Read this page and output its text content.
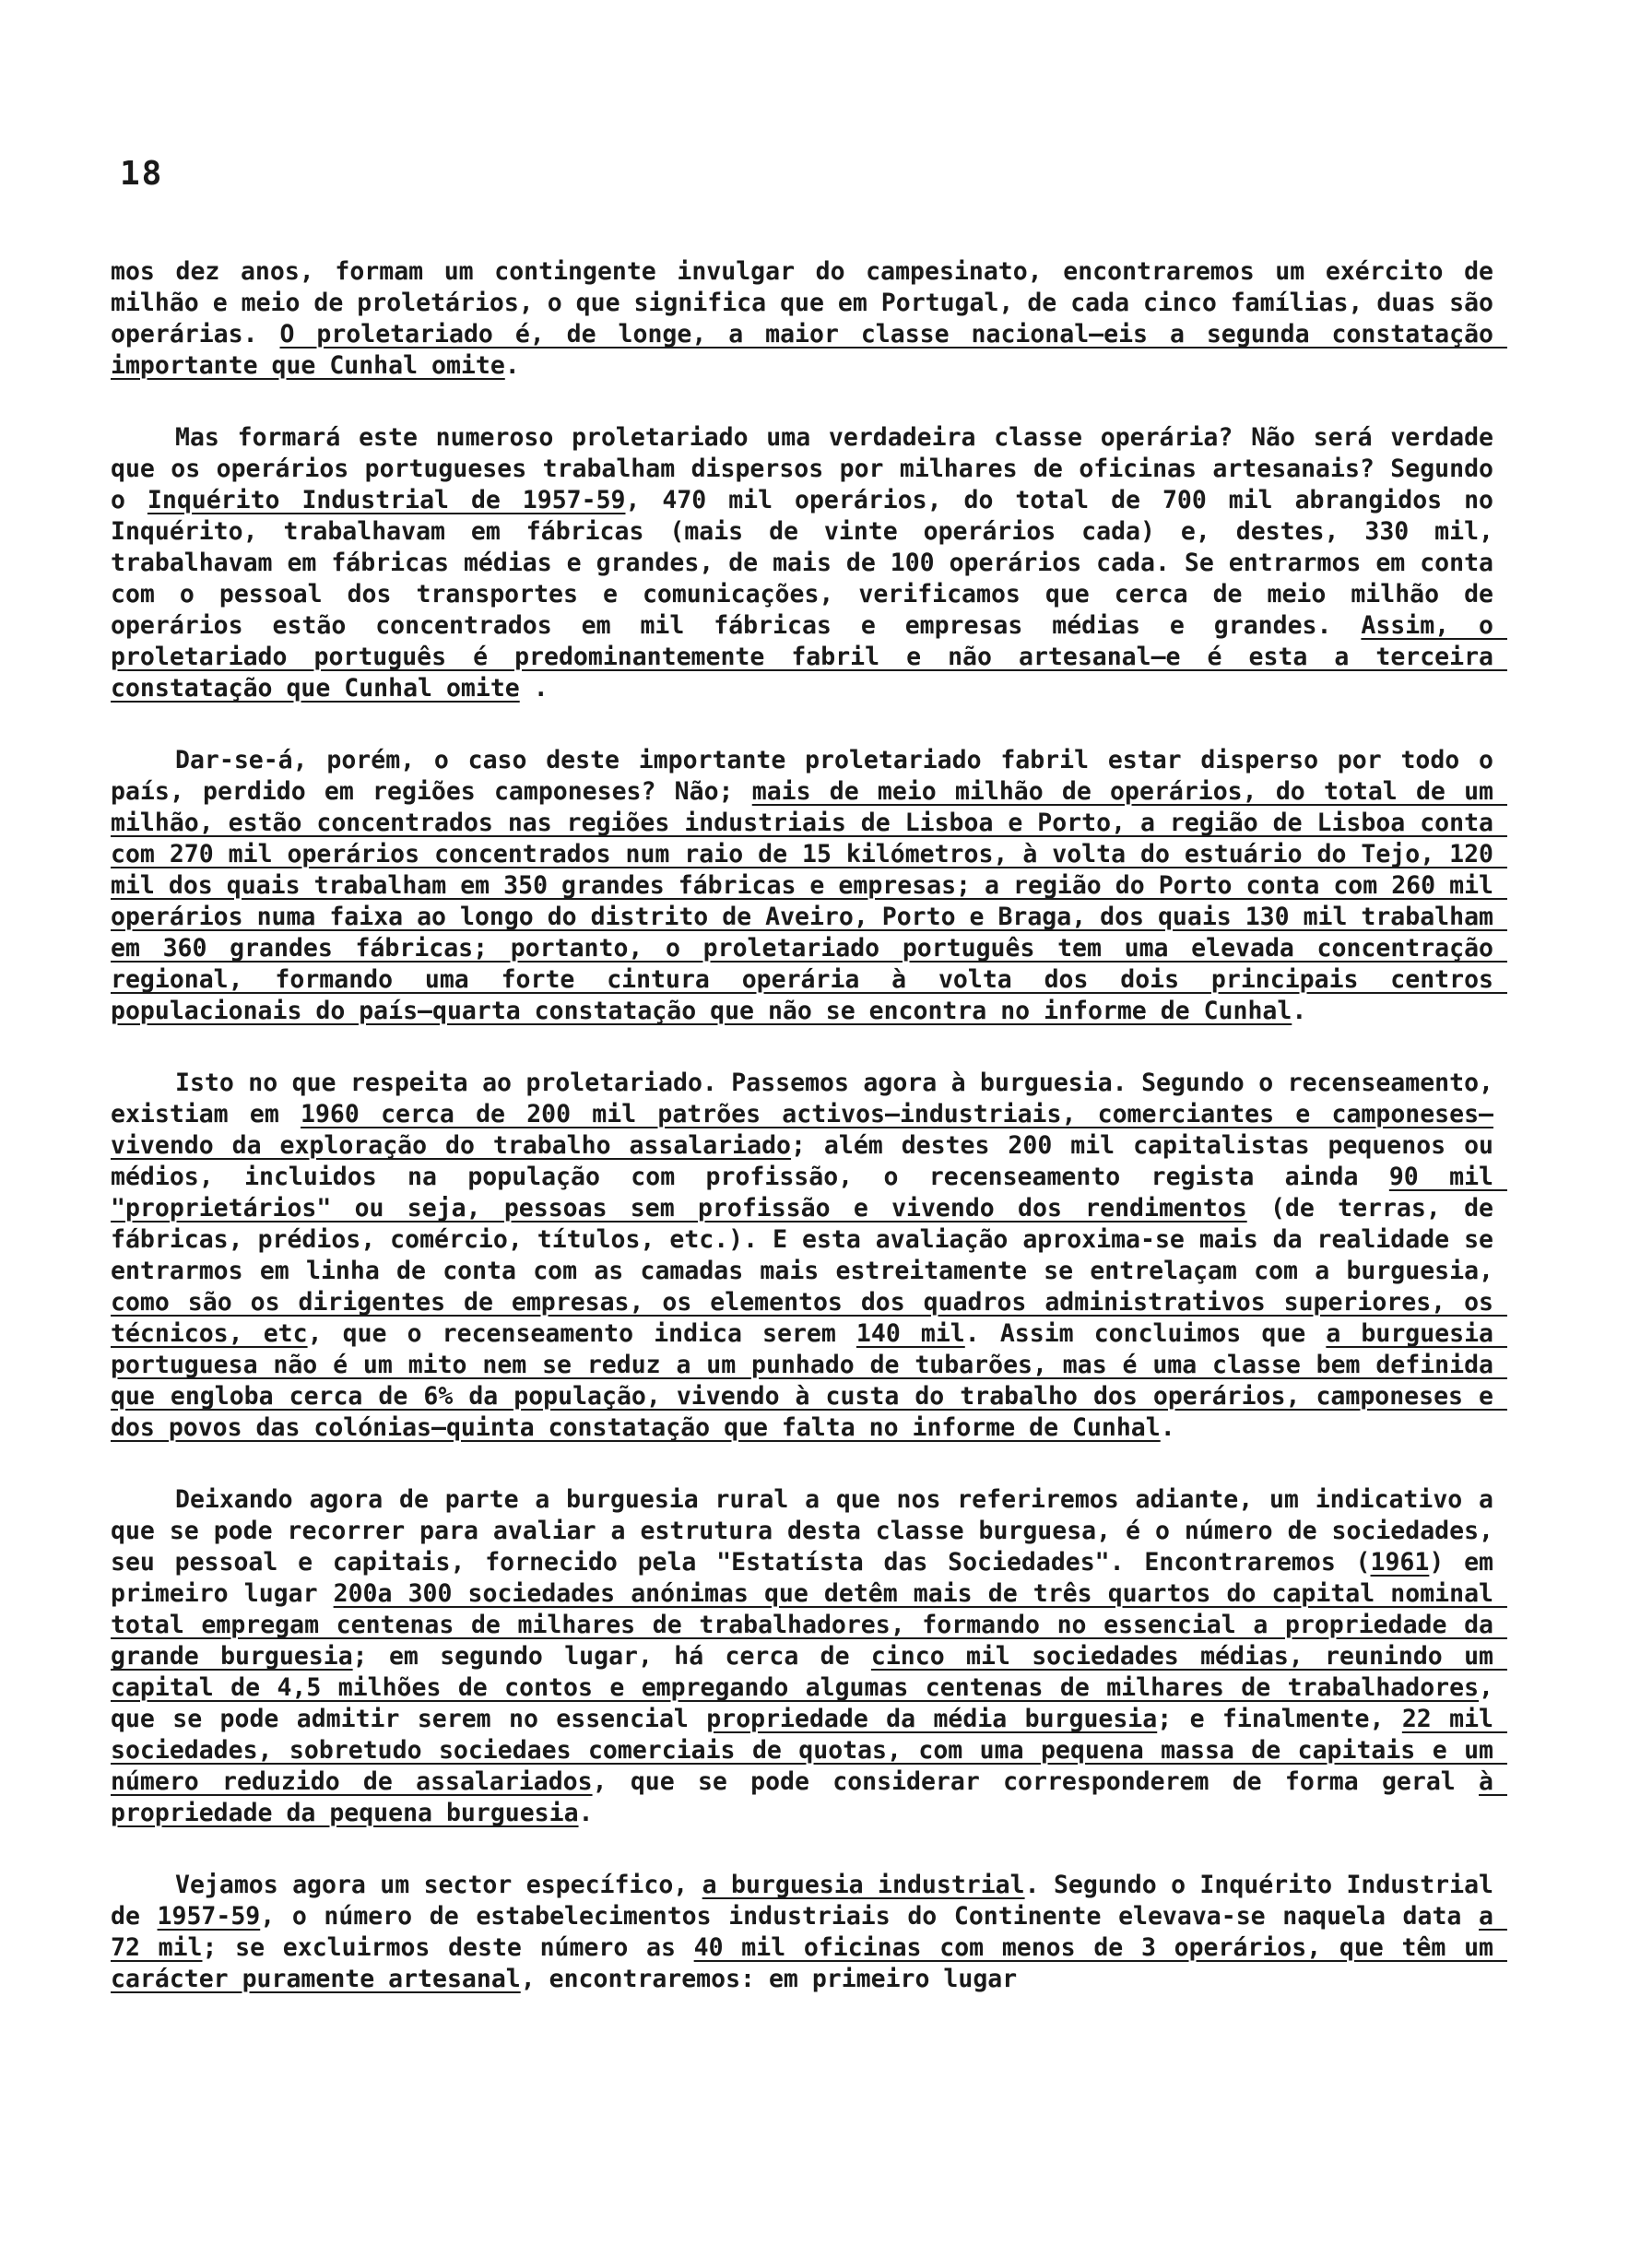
18

mos dez anos, formam um contingente invulgar do campesinato, encontraremos um exército de milhão e meio de proletários, o que significa que em Portugal, de cada cinco famílias, duas são operárias. O proletariado é, de longe, a maior classe nacional—eis a segunda constatação importante que Cunhal omite.

Mas formará este numeroso proletariado uma verdadeira classe operária? Não será verdade que os operários portugueses trabalham dispersos por milhares de oficinas artesanais? Segundo o Inquérito Industrial de 1957-59, 470 mil operários, do total de 700 mil abrangidos no Inquérito, trabalhavam em fábricas (mais de vinte operários cada) e, destes, 330 mil, trabalhavam em fábricas médias e grandes, de mais de 100 operários cada. Se entrarmos em conta com o pessoal dos transportes e comunicações, verificamos que cerca de meio milhão de operários estão concentrados em mil fábricas e empresas médias e grandes. Assim, o proletariado português é predominantemente fabril e não artesanal—e é esta a terceira constatação que Cunhal omite .

Dar-se-á, porém, o caso deste importante proletariado fabril estar disperso por todo o país, perdido em regiões camponeses? Não; mais de meio milhão de operários, do total de um milhão, estão concentrados nas regiões industriais de Lisboa e Porto, a região de Lisboa conta com 270 mil operários concentrados num raio de 15 kilómetros, à volta do estuário do Tejo, 120 mil dos quais trabalham em 350 grandes fábricas e empresas; a região do Porto conta com 260 mil operários numa faixa ao longo do distrito de Aveiro, Porto e Braga, dos quais 130 mil trabalham em 360 grandes fábricas; portanto, o proletariado português tem uma elevada concentração regional, formando uma forte cintura operária à volta dos dois principais centros populacionais do país—quarta constatação que não se encontra no informe de Cunhal.

Isto no que respeita ao proletariado. Passemos agora à burguesia. Segundo o recenseamento, existiam em 1960 cerca de 200 mil patrões activos—industriais, comerciantes e camponeses—vivendo da exploração do trabalho assalariado; além destes 200 mil capitalistas pequenos ou médios, incluidos na população com profissão, o recenseamento regista ainda 90 mil "proprietários" ou seja, pessoas sem profissão e vivendo dos rendimentos (de terras, de fábricas, prédios, comércio, títulos, etc.). E esta avaliação aproxima-se mais da realidade se entrarmos em linha de conta com as camadas mais estreitamente se entrelaçam com a burguesia, como são os dirigentes de empresas, os elementos dos quadros administrativos superiores, os técnicos, etc, que o recenseamento indica serem 140 mil. Assim concluimos que a burguesia portuguesa não é um mito nem se reduz a um punhado de tubarões, mas é uma classe bem definida que engloba cerca de 6% da população, vivendo à custa do trabalho dos operários, camponeses e dos povos das colónias—quinta constatação que falta no informe de Cunhal.

Deixando agora de parte a burguesia rural a que nos referiremos adiante, um indicativo a que se pode recorrer para avaliar a estrutura desta classe burguesa, é o número de sociedades, seu pessoal e capitais, fornecido pela "Estatísta das Sociedades". Encontraremos (1961) em primeiro lugar 200a 300 sociedades anónimas que detêm mais de três quartos do capital nominal total empregam centenas de milhares de trabalhadores, formando no essencial a propriedade da grande burguesia; em segundo lugar, há cerca de cinco mil sociedades médias, reunindo um capital de 4,5 milhões de contos e empregando algumas centenas de milhares de trabalhadores, que se pode admitir serem no essencial propriedade da média burguesia; e finalmente, 22 mil sociedades, sobretudo sociedaes comerciais de quotas, com uma pequena massa de capitais e um número reduzido de assalariados, que se pode considerar corresponderem de forma geral à propriedade da pequena burguesia.

Vejamos agora um sector específico, a burguesia industrial. Segundo o Inquérito Industrial de 1957-59, o número de estabelecimentos industriais do Continente elevava-se naquela data a 72 mil; se excluirmos deste número as 40 mil oficinas com menos de 3 operários, que têm um carácter puramente artesanal, encontraremos: em primeiro lugar
